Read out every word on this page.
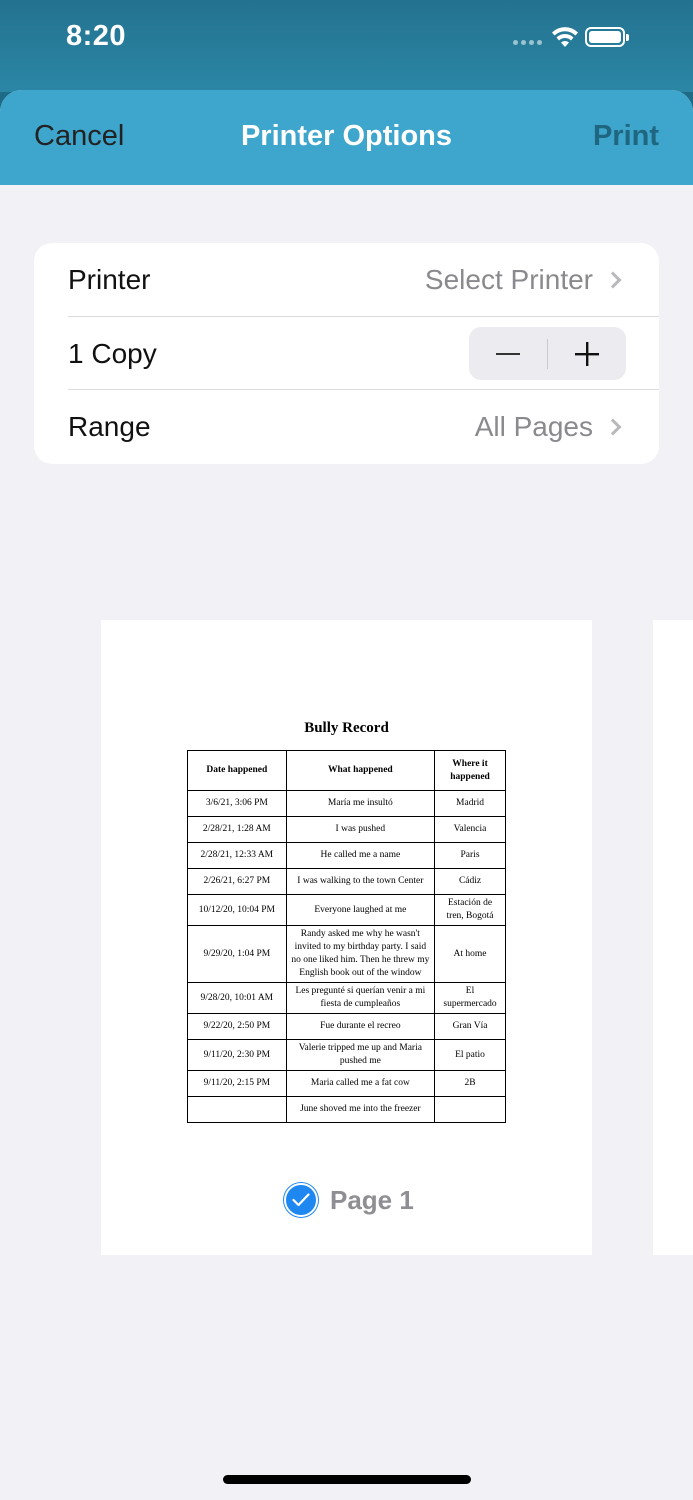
8:20
Cancel	Printer Options	Print
Printer	Select Printer
1 Copy
Range	All Pages
Bully Record
Date happened	What happened	Where it happened
3/6/21, 3:06 PM	María me insultó	Madrid
2/28/21, 1:28 AM	I was pushed	Valencia
2/28/21, 12:33 AM	He called me a name	Paris
2/26/21, 6:27 PM	I was walking to the town Center	Cádiz
10/12/20, 10:04 PM	Everyone laughed at me	Estación de tren, Bogotá
9/29/20, 1:04 PM	Randy asked me why he wasn't invited to my birthday party. I said no one liked him. Then he threw my English book out of the window	At home
9/28/20, 10:01 AM	Les pregunté si querían venir a mi fiesta de cumpleaños	El supermercado
9/22/20, 2:50 PM	Fue durante el recreo	Gran Vía
9/11/20, 2:30 PM	Valerie tripped me up and Maria pushed me	El patio
9/11/20, 2:15 PM	Maria called me a fat cow	2B
	June shoved me into the freezer	
Page 1
